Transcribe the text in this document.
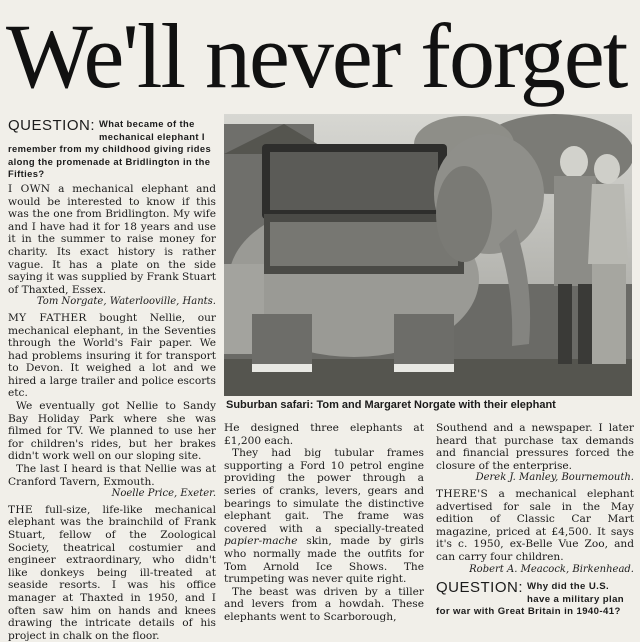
We'll never forget
QUESTION: What became of the mechanical elephant I remember from my childhood giving rides along the promenade at Bridlington in the Fifties?

I OWN a mechanical elephant and would be interested to know if this was the one from Bridlington. My wife and I have had it for 18 years and use it in the summer to raise money for charity. Its exact history is rather vague. It has a plate on the side saying it was supplied by Frank Stuart of Thaxted, Essex.

Tom Norgate, Waterlooville, Hants.

MY FATHER bought Nellie, our mechanical elephant, in the Seventies through the World's Fair paper. We had problems insuring it for transport to Devon. It weighed a lot and we hired a large trailer and police escorts etc.

We eventually got Nellie to Sandy Bay Holiday Park where she was filmed for TV. We planned to use her for children's rides, but her brakes didn't work well on our sloping site.

The last I heard is that Nellie was at Cranford Tavern, Exmouth.

Noelle Price, Exeter.

THE full-size, life-like mechanical elephant was the brainchild of Frank Stuart, fellow of the Zoological Society, theatrical costumier and engineer extraordinary, who didn't like donkeys being ill-treated at seaside resorts. I was his office manager at Thaxted in 1950, and I often saw him on hands and knees drawing the intricate details of his project in chalk on the floor.

Suburban safari: Tom and Margaret Norgate with their elephant

He designed three elephants at £1,200 each.

They had big tubular frames supporting a Ford 10 petrol engine providing the power through a series of cranks, levers, gears and bearings to simulate the distinctive elephant gait. The frame was covered with a specially-treated papier-mache skin, made by girls who normally made the outfits for Tom Arnold Ice Shows. The trumpeting was never quite right.

The beast was driven by a tiller and levers from a howdah. These elephants went to Scarborough,

Southend and a newspaper. I later heard that purchase tax demands and financial pressures forced the closure of the enterprise.

Derek J. Manley, Bournemouth.

THERE'S a mechanical elephant advertised for sale in the May edition of Classic Car Mart magazine, priced at £4,500. It says it's c. 1950, ex-Belle Vue Zoo, and can carry four children.

Robert A. Meacock, Birkenhead.

QUESTION: Why did the U.S. have a military plan for war with Great Britain in 1940-41?
